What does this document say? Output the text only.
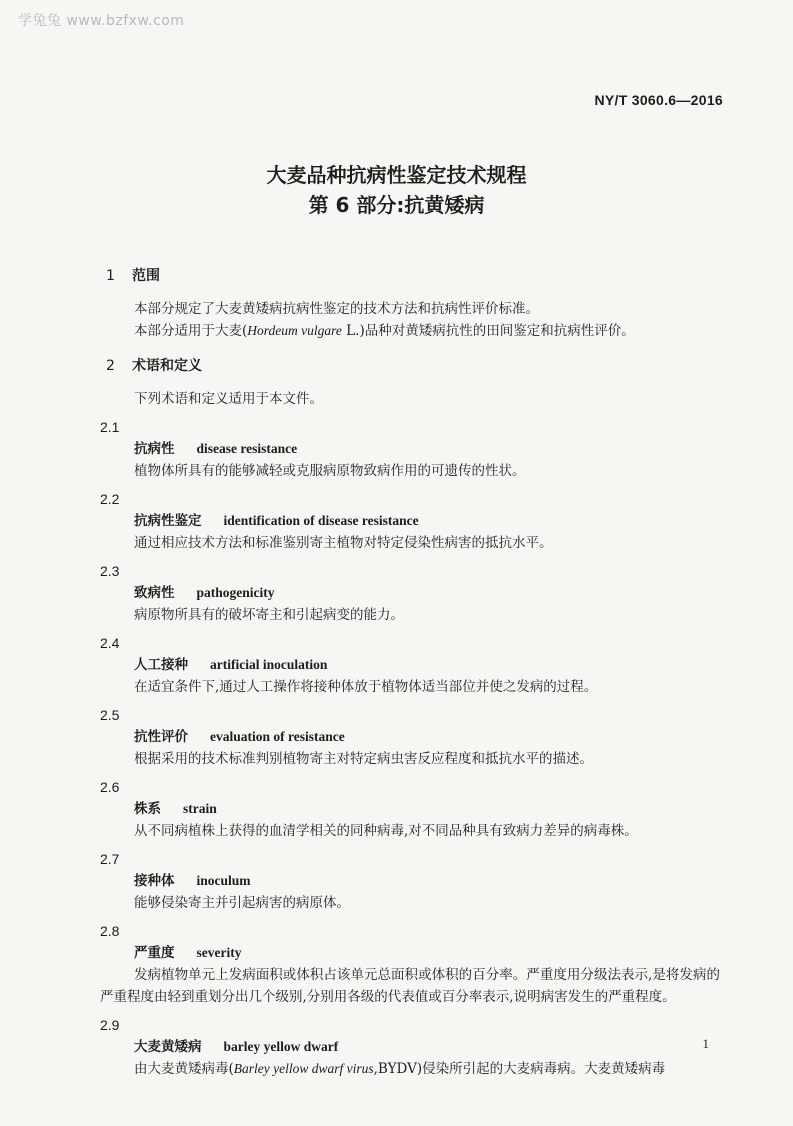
学兔兔 www.bzfxw.com
NY/T 3060.6—2016
大麦品种抗病性鉴定技术规程
第 6 部分:抗黄矮病
1 范围
本部分规定了大麦黄矮病抗病性鉴定的技术方法和抗病性评价标准。
本部分适用于大麦(Hordeum vulgare L.)品种对黄矮病抗性的田间鉴定和抗病性评价。
2 术语和定义
下列术语和定义适用于本文件。
2.1
抗病性 disease resistance
植物体所具有的能够减轻或克服病原物致病作用的可遗传的性状。
2.2
抗病性鉴定 identification of disease resistance
通过相应技术方法和标准鉴别寄主植物对特定侵染性病害的抵抗水平。
2.3
致病性 pathogenicity
病原物所具有的破坏寄主和引起病变的能力。
2.4
人工接种 artificial inoculation
在适宜条件下,通过人工操作将接种体放于植物体适当部位并使之发病的过程。
2.5
抗性评价 evaluation of resistance
根据采用的技术标准判别植物寄主对特定病虫害反应程度和抵抗水平的描述。
2.6
株系 strain
从不同病植株上获得的血清学相关的同种病毒,对不同品种具有致病力差异的病毒株。
2.7
接种体 inoculum
能够侵染寄主并引起病害的病原体。
2.8
严重度 severity
发病植物单元上发病面积或体积占该单元总面积或体积的百分率。严重度用分级法表示,是将发病的严重程度由轻到重划分出几个级别,分别用各级的代表值或百分率表示,说明病害发生的严重程度。
2.9
大麦黄矮病 barley yellow dwarf
由大麦黄矮病毒(Barley yellow dwarf virus,BYDV)侵染所引起的大麦病毒病。大麦黄矮病毒
1
